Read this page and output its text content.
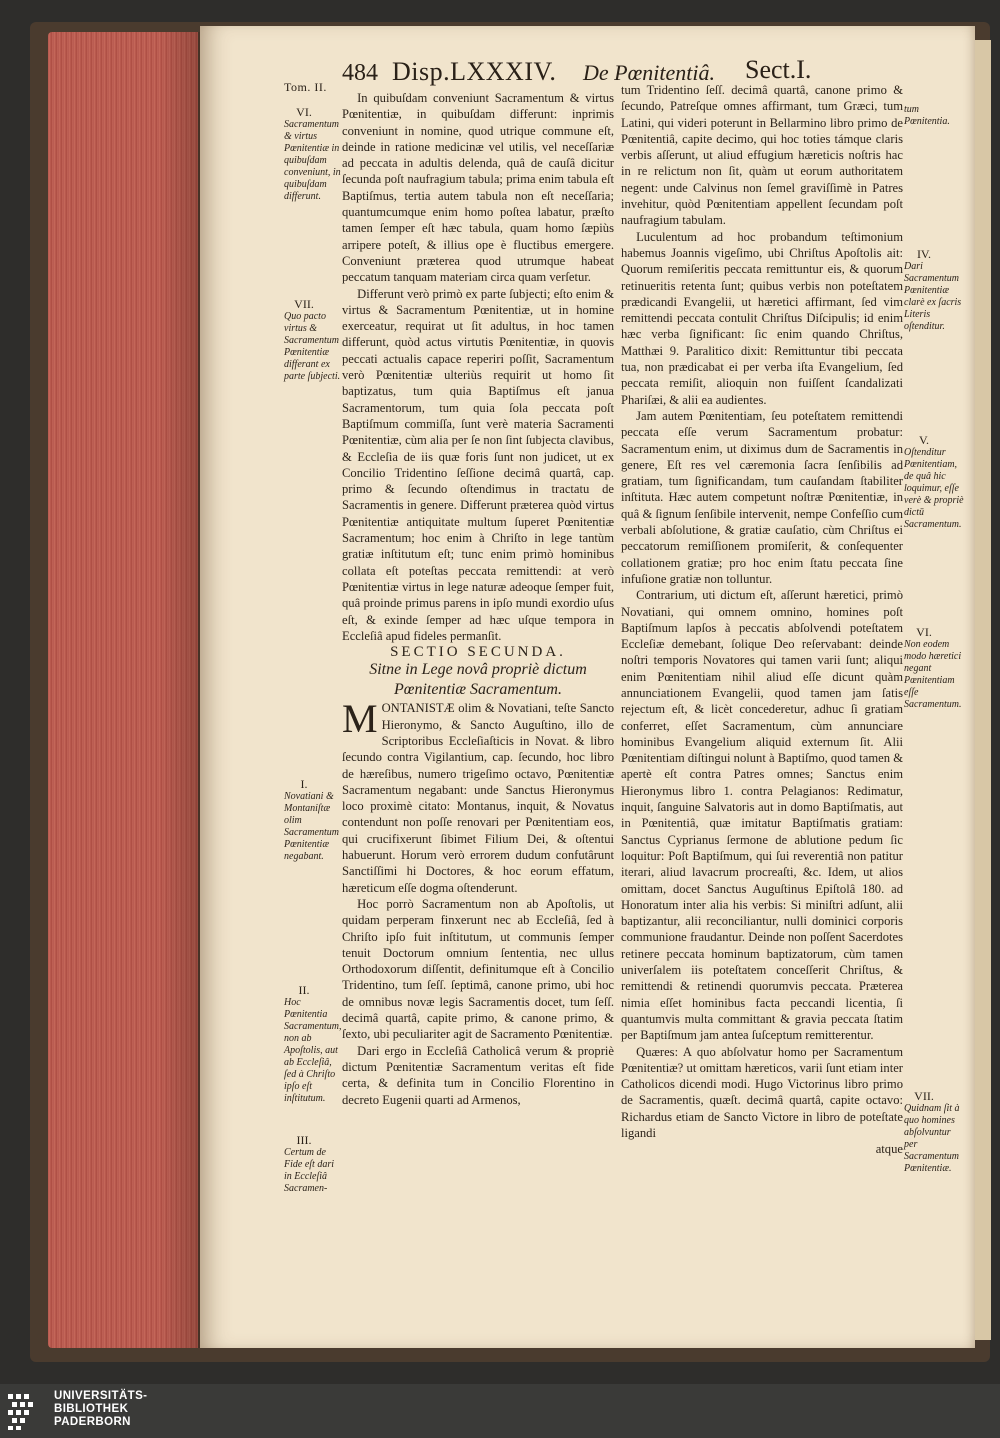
Tom. II.
484 Disp.LXXXIV. De Pœnitentiâ. Sect.I.

In quibuſdam conveniunt Sacramentum & virtus Pœnitentiæ, in quibuſdam differunt: inprimis conveniunt in nomine, quod utrique commune eſt, deinde in ratione medicinæ vel utilis, vel neceſſariæ ad peccata in adultis delenda, quâ de cauſâ dicitur ſecunda poſt naufragium tabula; prima enim tabula eſt Baptiſmus, tertia autem tabula non eſt neceſſaria; quantumcumque enim homo poſtea labatur, præſto tamen ſemper eſt hæc tabula, quam homo ſæpiùs arripere poteſt, & illius ope è fluctibus emergere. Conveniunt præterea quod utrumque habeat peccatum tanquam materiam circa quam verſetur.

Differunt verò primò ex parte ſubjecti; eſto enim & virtus & Sacramentum Pœnitentiæ, ut in homine exerceatur, requirat ut ſit adultus, in hoc tamen differunt, quòd actus virtutis Pœnitentiæ, in quovis peccati actualis capace reperiri poſſit, Sacramentum verò Pœnitentiæ ulteriùs requirit ut homo ſit baptizatus, tum quia Baptiſmus eſt janua Sacramentorum, tum quia ſola peccata poſt Baptiſmum commiſſa, ſunt verè materia Sacramenti Pœnitentiæ, cùm alia per ſe non ſint ſubjecta clavibus, & Eccleſia de iis quæ foris ſunt non judicet, ut ex Concilio Tridentino ſeſſione decimâ quartâ, cap. primo & ſecundo oſtendimus in tractatu de Sacramentis in genere. Differunt præterea quòd virtus Pœnitentiæ antiquitate multum ſuperet Pœnitentiæ Sacramentum; hoc enim à Chriſto in lege tantùm gratiæ inſtitutum eſt; tunc enim primò hominibus collata eſt poteſtas peccata remittendi: at verò Pœnitentiæ virtus in lege naturæ adeoque ſemper fuit, quâ proinde primus parens in ipſo mundi exordio uſus eſt, & exinde ſemper ad hæc uſque tempora in Eccleſiâ apud fideles permanſit.

SECTIO SECUNDA.

Sitne in Lege novâ propriè dictum Pœnitentiæ Sacramentum.

MONTANISTÆ olim & Novatiani, teſte Sancto Hieronymo, & Sancto Auguſtino, illo de Scriptoribus Eccleſiaſticis in Novat. & libro ſecundo contra Vigilantium, cap. ſecundo, hoc libro de hæreſibus, numero trigeſimo octavo, Pœnitentiæ Sacramentum negabant: unde Sanctus Hieronymus loco proximè citato: Montanus, inquit, & Novatus contendunt non poſſe renovari per Pœnitentiam eos, qui crucifixerunt ſibimet Filium Dei, & oſtentui habuerunt. Horum verò errorem dudum confutârunt Sanctiſſimi hi Doctores, & hoc eorum effatum, hæreticum eſſe dogma oſtenderunt.

Hoc porrò Sacramentum non ab Apoſtolis, ut quidam perperam finxerunt nec ab Eccleſiâ, ſed à Chriſto ipſo fuit inſtitutum, ut communis ſemper tenuit Doctorum omnium ſententia, nec ullus Orthodoxorum diſſentit, definitumque eſt à Concilio Tridentino, tum ſeſſ. ſeptimâ, canone primo, ubi hoc de omnibus novæ legis Sacramentis docet, tum ſeſſ. decimâ quartâ, capite primo, & canone primo, & ſexto, ubi peculiariter agit de Sacramento Pœnitentiæ.

Dari ergo in Eccleſiâ Catholicâ verum & propriè dictum Pœnitentiæ Sacramentum veritas eſt fide certa, & definita tum in Concilio Florentino in decreto Eugenii quarti ad Armenos,

tum Tridentino ſeſſ. decimâ quartâ, canone primo & ſecundo, Patreſque omnes affirmant, tum Græci, tum Latini, qui videri poterunt in Bellarmino libro primo de Pœnitentiâ, capite decimo, qui hoc toties támque claris verbis aſſerunt, ut aliud effugium hæreticis noſtris hac in re relictum non ſit, quàm ut eorum authoritatem negent: unde Calvinus non ſemel graviſſimè in Patres invehitur, quòd Pœnitentiam appellent ſecundam poſt naufragium tabulam.

Luculentum ad hoc probandum teſtimonium habemus Joannis vigeſimo, ubi Chriſtus Apoſtolis ait: Quorum remiſeritis peccata remittuntur eis, & quorum retinueritis retenta ſunt; quibus verbis non poteſtatem prædicandi Evangelii, ut hæretici affirmant, ſed vim remittendi peccata contulit Chriſtus Diſcipulis; id enim hæc verba ſignificant: ſic enim quando Chriſtus, Matthæi 9. Paralitico dixit: Remittuntur tibi peccata tua, non prædicabat ei per verba iſta Evangelium, ſed peccata remiſit, alioquin non fuiſſent ſcandalizati Phariſæi, & alii ea audientes.

Jam autem Pœnitentiam, ſeu poteſtatem remittendi peccata eſſe verum Sacramentum probatur: Sacramentum enim, ut diximus dum de Sacramentis in genere, Eſt res vel cæremonia ſacra ſenſibilis ad gratiam, tum ſignificandam, tum cauſandam ſtabiliter inſtituta. Hæc autem competunt noſtræ Pœnitentiæ, in quâ & ſignum ſenſibile intervenit, nempe Confeſſio cum verbali abſolutione, & gratiæ cauſatio, cùm Chriſtus ei peccatorum remiſſionem promiſerit, & conſequenter collationem gratiæ; pro hoc enim ſtatu peccata ſine infuſione gratiæ non tolluntur.

Contrarium, uti dictum eſt, aſſerunt hæretici, primò Novatiani, qui omnem omnino, homines poſt Baptiſmum lapſos à peccatis abſolvendi poteſtatem Eccleſiæ demebant, ſolique Deo reſervabant: deinde noſtri temporis Novatores qui tamen varii ſunt; aliqui enim Pœnitentiam nihil aliud eſſe dicunt quàm annunciationem Evangelii, quod tamen jam ſatis rejectum eſt, & licèt concederetur, adhuc ſi gratiam conferret, eſſet Sacramentum, cùm annunciare hominibus Evangelium aliquid externum ſit. Alii Pœnitentiam diſtingui nolunt à Baptiſmo, quod tamen & apertè eſt contra Patres omnes; Sanctus enim Hieronymus libro 1. contra Pelagianos: Redimatur, inquit, ſanguine Salvatoris aut in domo Baptiſmatis, aut in Pœnitentiâ, quæ imitatur Baptiſmatis gratiam: Sanctus Cyprianus ſermone de ablutione pedum ſic loquitur: Poſt Baptiſmum, qui ſui reverentiâ non patitur iterari, aliud lavacrum procreaſti, &c. Idem, ut alios omittam, docet Sanctus Auguſtinus Epiſtolâ 180. ad Honoratum inter alia his verbis: Si miniſtri adſunt, alii baptizantur, alii reconciliantur, nulli dominici corporis communione fraudantur. Deinde non poſſent Sacerdotes retinere peccata hominum baptizatorum, cùm tamen univerſalem iis poteſtatem conceſſerit Chriſtus, & remittendi & retinendi quorumvis peccata. Præterea nimia eſſet hominibus facta peccandi licentia, ſi quantumvis multa committant & gravia peccata ſtatim per Baptiſmum jam antea ſuſceptum remitterentur.

Quæres: A quo abſolvatur homo per Sacramentum Pœnitentiæ? ut omittam hæreticos, varii ſunt etiam inter Catholicos dicendi modi. Hugo Victorinus libro primo de Sacramentis, quæſt. decimâ quartâ, capite octavo: Richardus etiam de Sancto Victore in libro de poteſtate ligandi

atque

VI.
Sacramentum & virtus Pœnitentiæ in quibuſdam conveniunt, in quibuſdam differunt.
VII.
Quo pacto virtus & Sacramentum Pœnitentiæ differant ex parte ſubjecti.
I.
Novatiani & Montaniſtæ olim Sacramentum Pœnitentiæ negabant.
II.
Hoc Pœnitentia Sacramentum, non ab Apoſtolis, aut ab Eccleſiâ, ſed à Chriſto ipſo eſt inſtitutum.
III.
Certum de Fide eſt dari in Eccleſiâ Sacramen-
tum Pœnitentia.
IV.
Dari Sacramentum Pœnitentiæ clarè ex ſacris Literis oſtenditur.
V.
Oſtenditur Pœnitentiam, de quâ hic loquimur, eſſe verè & propriè dictū Sacramentum.
VI.
Non eodem modo hæretici negant Pœnitentiam eſſe Sacramentum.
VII.
Quidnam ſit à quo homines abſolvuntur per Sacramentum Pœnitentiæ.
UNIVERSITÄTS-
BIBLIOTHEK
PADERBORN
